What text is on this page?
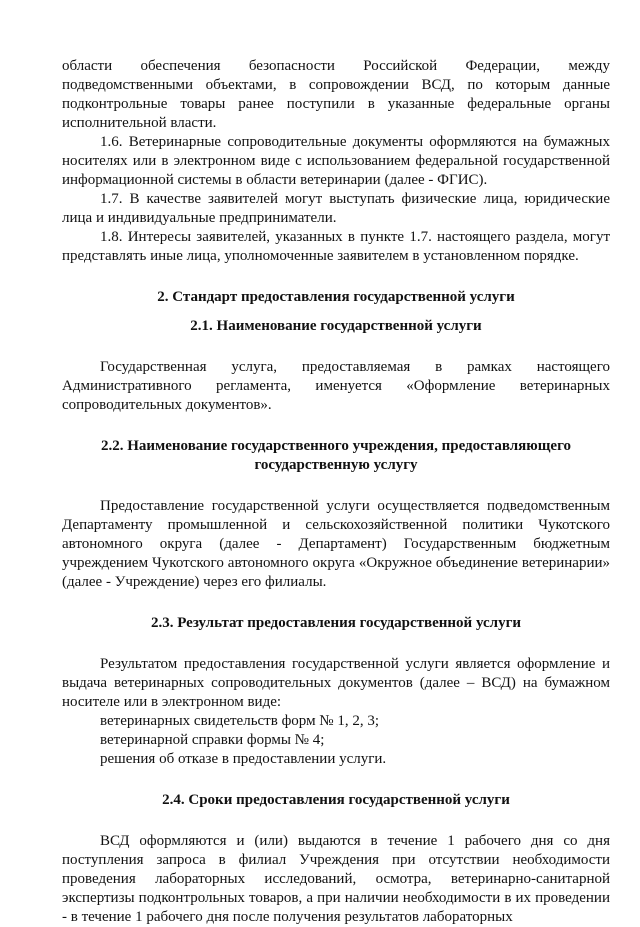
области обеспечения безопасности Российской Федерации, между подведомственными объектами, в сопровождении ВСД, по которым данные подконтрольные товары ранее поступили в указанные федеральные органы исполнительной власти.

1.6. Ветеринарные сопроводительные документы оформляются на бумажных носителях или в электронном виде с использованием федеральной государственной информационной системы в области ветеринарии (далее - ФГИС).

1.7. В качестве заявителей могут выступать физические лица, юридические лица и индивидуальные предприниматели.

1.8. Интересы заявителей, указанных в пункте 1.7. настоящего раздела, могут представлять иные лица, уполномоченные заявителем в установленном порядке.

2. Стандарт предоставления государственной услуги
2.1. Наименование государственной услуги

Государственная услуга, предоставляемая в рамках настоящего Административного регламента, именуется «Оформление ветеринарных сопроводительных документов».

2.2. Наименование государственного учреждения, предоставляющего государственную услугу

Предоставление государственной услуги осуществляется подведомственным Департаменту промышленной и сельскохозяйственной политики Чукотского автономного округа (далее - Департамент) Государственным бюджетным учреждением Чукотского автономного округа «Окружное объединение ветеринарии» (далее - Учреждение) через его филиалы.

2.3. Результат предоставления государственной услуги

Результатом предоставления государственной услуги является оформление и выдача ветеринарных сопроводительных документов (далее – ВСД) на бумажном носителе или в электронном виде:

ветеринарных свидетельств форм № 1, 2, 3;

ветеринарной справки формы № 4;

решения об отказе в предоставлении услуги.

2.4. Сроки предоставления государственной услуги

ВСД оформляются и (или) выдаются в течение 1 рабочего дня со дня поступления запроса в филиал Учреждения при отсутствии необходимости проведения лабораторных исследований, осмотра, ветеринарно-санитарной экспертизы подконтрольных товаров, а при наличии необходимости в их проведении - в течение 1 рабочего дня после получения результатов лабораторных
